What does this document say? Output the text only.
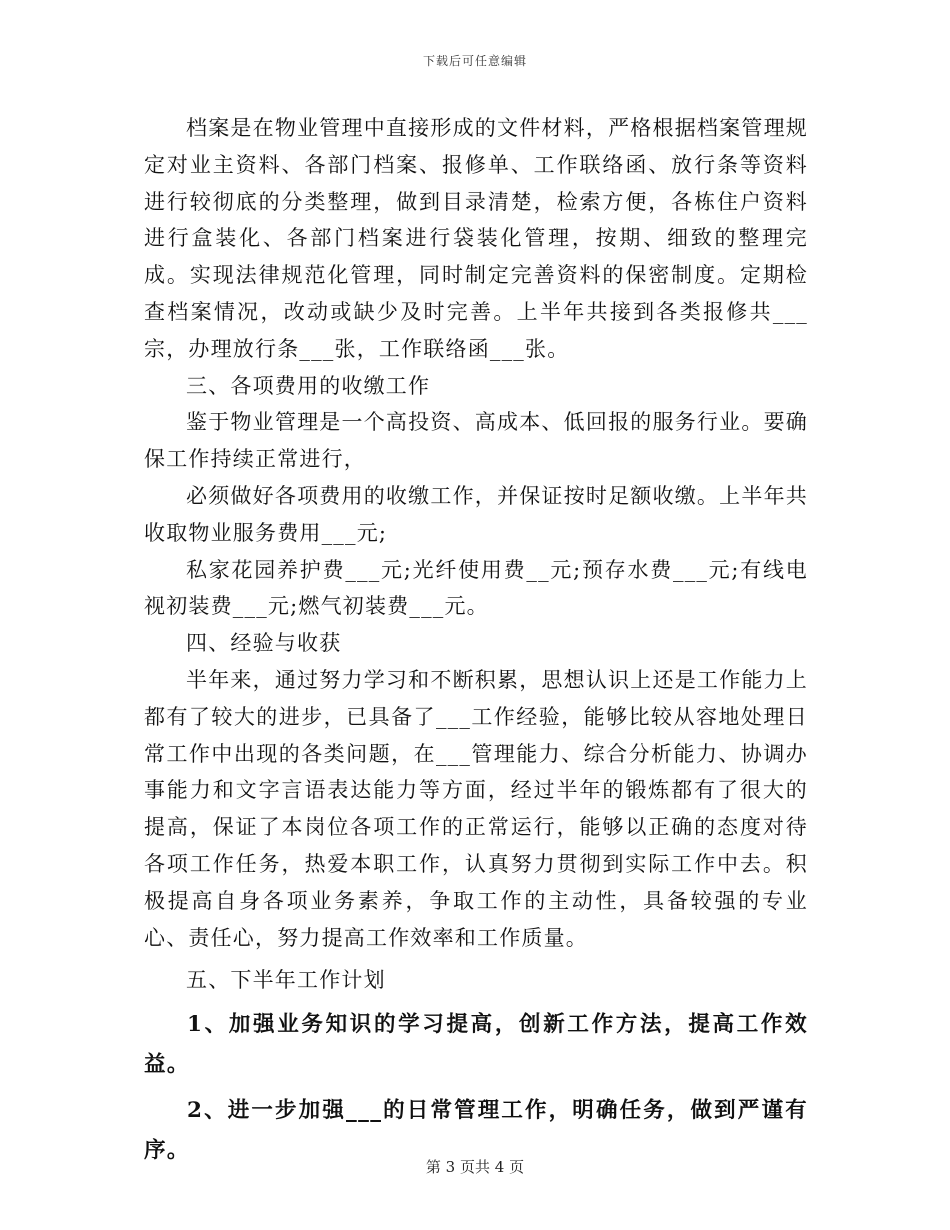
下载后可任意编辑

档案是在物业管理中直接形成的文件材料，严格根据档案管理规定对业主资料、各部门档案、报修单、工作联络函、放行条等资料进行较彻底的分类整理，做到目录清楚，检索方便，各栋住户资料进行盒装化、各部门档案进行袋装化管理，按期、细致的整理完成。实现法律规范化管理，同时制定完善资料的保密制度。定期检查档案情况，改动或缺少及时完善。上半年共接到各类报修共___宗，办理放行条___张，工作联络函___张。

三、各项费用的收缴工作

鉴于物业管理是一个高投资、高成本、低回报的服务行业。要确保工作持续正常进行，

必须做好各项费用的收缴工作，并保证按时足额收缴。上半年共收取物业服务费用___元;

私家花园养护费___元;光纤使用费__元;预存水费___元;有线电视初装费___元;燃气初装费___元。

四、经验与收获

半年来，通过努力学习和不断积累，思想认识上还是工作能力上都有了较大的进步，已具备了___工作经验，能够比较从容地处理日常工作中出现的各类问题，在___管理能力、综合分析能力、协调办事能力和文字言语表达能力等方面，经过半年的锻炼都有了很大的提高，保证了本岗位各项工作的正常运行，能够以正确的态度对待各项工作任务，热爱本职工作，认真努力贯彻到实际工作中去。积极提高自身各项业务素养，争取工作的主动性，具备较强的专业心、责任心，努力提高工作效率和工作质量。

五、下半年工作计划

1、加强业务知识的学习提高，创新工作方法，提高工作效益。

2、进一步加强___的日常管理工作，明确任务，做到严谨有序。

第 3 页共 4 页
